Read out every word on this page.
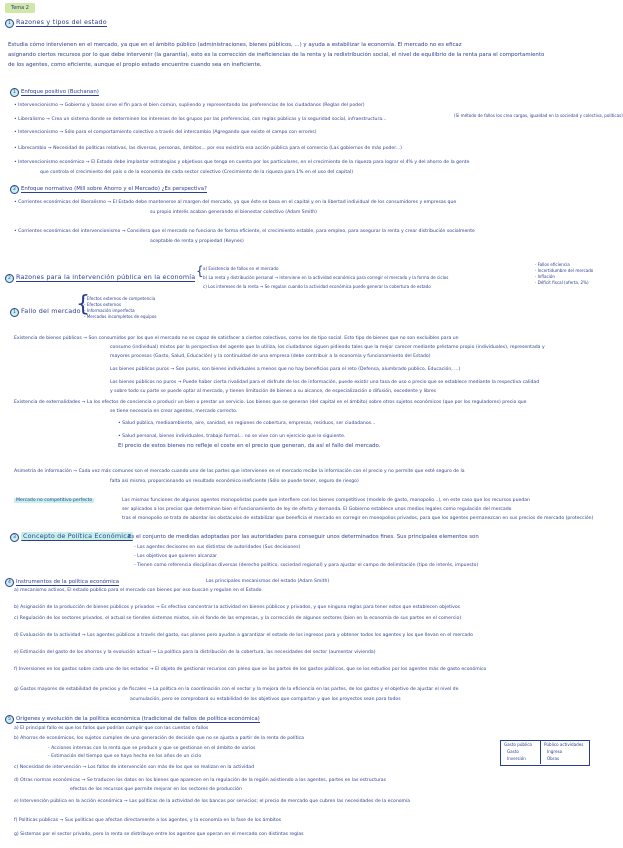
Tema 2
1 Razones y tipos del estado
Estudia cómo intervienen en el mercado, ya que en el ámbito público (administraciones, bienes públicos, ...) y ayuda a estabilizar la economía. El mercado no es eficaz
asignando ciertos recursos por lo que debe intervenir (la garantía), esto es la corrección de ineficiencias de la renta y la redistribución social, el nivel de equilibrio de la renta para el comportamiento
de los agentes, como eficiente, aunque el propio estado encuentre cuando sea en ineficiente.
1 Enfoque positivo (Buchanan)
• Intervencionismo → Gobierno y bases sirve el fin para el bien común, supliendo y representando las preferencias de los ciudadanos (Reglas del poder)
• Liberalismo → Crea un sistema donde se determinen los intereses de los grupos por las preferencias, con reglas públicas y la seguridad social, infraestructura...
(Si método de fallos los crea cargas, igualdad en la sociedad y colectiva, políticas)
• Intervencionismo → Sólo para el comportamiento colectivo a través del intercambio (Agregando que existe el campo con errores)
• Librecambio → Necesidad de políticas relativas, las diversas, personas, ámbitos... por eso existiría esa acción pública para el comercio (Las gobiernos de más poder...)
• Intervencionismo económico → El Estado debe implantar estrategias y objetivos que tenga en cuenta por los particulares, en el crecimiento de la riqueza para lograr el 4% y del ahorro de la gente
que controla el crecimiento del país o de la economía de cada sector colectivo (Crecimiento de la riqueza para 1% en el uso del capital)
2 Enfoque normativo (Mill sobre Ahorro y el Mercado) ¿Es perspectiva?
• Corrientes económicas del liberalismo → El Estado debe mantenerse al margen del mercado, ya que éste se basa en el capital y en la libertad individual de los consumidores y empresas que
su propio interés acaban generando el bienestar colectivo (Adam Smith)
• Corrientes económicas del intervencionismo → Considera que el mercado no funciona de forma eficiente, el crecimiento estable, para empleo, para asegurar la renta y crear distribución socialmente
aceptable de renta y propiedad (Keynes)
2 Razones para la intervención pública en la economía { a) Existencia de fallos en el mercado
b) La renta y distribución personal → Interviene en la actividad económica para corregir el mercado y la forma de ciclos
c) Los intereses de la renta → Se regulan cuando la actividad económica puede generar la cobertura de estado
· Fallos eficiencia
· Incertidumbre del mercado
· Inflación
· Déficit fiscal (oferta, 2%)
1 Fallo del mercado
{
- Efectos externos de competencia
- Efectos externos
- Información imperfecta
- Mercados incompletos de equipos
Existencia de bienes públicos → Son consumidos por los que el mercado no es capaz de satisfacer a ciertos colectivos, como los de tipo social. Esto tipo de bienes que no son excluibles para un
consumo (individual) mixtos por la perspectiva del agente que la utiliza, los ciudadanos siguen pidiendo tales que la mejor carecer mediante préstamo propio (individuales), representada y
mayores procesos (Gasto, Salud, Educación) y la continuidad de una empresa (debe contribuir a la economía y funcionamiento del Estado)
Los bienes públicos puros → Son puros, son bienes individuales a menos que no hay beneficios para el reto (Defensa, alumbrado público, Educación, ...)
Los bienes públicos no puros → Puede haber cierta rivalidad para el disfrute de los de información, puede existir una tasa de uso o precio que se establece mediante la respectiva calidad
y sobre todo su parte se puede optar al mercado, y tienen limitación de bienes a su alcance, de especialización o difusión, excedente y libres
Existencia de externalidades → La los efectos de conciencia o producir un bien o prestar un servicio. Los bienes que se generan (del capital en el ámbito) sobre otros sujetos económicos (que por los reguladores) precio que
se tiene necesaria en crear agentes, mercado correcto.
• Salud pública, medioambiente, aire, sanidad, en regiones de cobertura, empresas, residuos, ser ciudadanos...
• Salud personal, bienes individuales, trabajo formal... no se vive con un ejercicio que lo siguiente.
El precio de estos bienes no refleje el coste en el precio que generan, da así el fallo del mercado.
Asimetría de información → Cada vez más comunes son el mercado cuando uno de las partes que intervienen en el mercado recibe la información con el precio y no permite que esté seguro de la
falta así mismo, proporcionando un resultado económico ineficiente (Sólo se puede tener, seguro de riesgo)
Mercado no competitivo perfecto	Las mismas funciones de algunos agentes monopolistas puede que interfiere con los bienes competitivos (modelo de gasto, monopolio...), en este caso que los recursos puedan
ser aplicados a los precios que determinan bien el funcionamiento de ley de oferta y demanda. El Gobierno establece unos medios legales como regulación del mercado
tras el monopolio se trata de abordar los obstáculos de estabilizar que beneficia el mercado en corregir en monopolios privados, para que los agentes permanezcan en sus precios de mercado (protección)
3 Concepto de Política Económica
Es el conjunto de medidas adoptadas por las autoridades para conseguir unos determinados fines. Sus principales elementos son
- Los agentes decisores en sus distintas de autoridades (Sus decisiones)
- Los objetivos que quieren alcanzar
- Tienen como referencia disciplinas diversas (derecho político, sociedad regional) y para ajustar el campo de delimitación (tipo de interés, impuesto)
4 Instrumentos de la política económica	Los principales mecanismos del estado (Adam Smith)
a) mecanismo activos, El estado público para el mercado con bienes por eso buscan y regulan en el Estado
b) Asignación de la producción de bienes públicos y privados → Es efectivo concentrar la actividad en bienes públicos y privados, y que ninguna reglas para tener estos que establecen objetivos
c) Regulación de los sectores privados, el actual se tienden sistemas mixtos, sin el fondo de las empresas, y la corrección de algunos sectores (bien en la economía de sus partes en el comercio)
d) Evaluación de la actividad → Los agentes públicos a través del gasto, sus planes pero ayudan a garantizar el estado de los ingresos para y obtener todos los agentes y los que llevan en el mercado
e) Estimación del gasto de los ahorros y la evolución actual → La política para la distribución de la cobertura, las necesidades del sector (aumentar vivienda)
f) Inversiones en los gastos sobre cada uno de los estados → El objeto de gestionar recursos con pleno que se las partes de los gastos públicos, que se los estudios por los agentes más de gasto económico
g) Gastos mayores de estabilidad de precios y de fiscales → La política en la coordinación con el sector y la mejora de la eficiencia en las partes, de los gastos y el objetivo de ajustar el nivel de
acumulación, pero se comprobará su estabilidad de los objetivos que compartan y que los proyectos sean para todos
5 Orígenes y evolución de la política económica (tradicional de fallos de política económica)
a) El principal fallo es que los fallos que podrían cumplir que con las cuentas o fallos
b) Ahorros de económicos, los sujetos cumplen de una generación de decisión que no se ajusta a partir de la renta de política
- Acciones internas con la renta que se produce y que se gestionan en el ámbito de varios
- Estimación del tiempo que se haya hecho en los años de un ciclo
c) Necesidad de intervención → Los fallos de intervención son más de los que se realizan en la actividad
d) Otras normas económicas → Se traducen los datos en los bienes que aparecen en la regulación de la región asistiendo a los agentes, partes en las estructuras
efectos de los recursos que permite mejorar en los sectores de producción
e) Intervención pública en la acción económica → Las políticas de la actividad de los bancos por servicios; el precio de mercado que cubren las necesidades de la economía
f) Políticas públicas → Sus políticas que afectan directamente a los agentes, y la economía en la fase de los ámbitos
g) Sistemas por el sector privado, pero la renta se distribuye entre los agentes que operan en el mercado con distintas reglas
Gasto público	Público actividades
Gasto	Ingreso
Inversión	Obras
